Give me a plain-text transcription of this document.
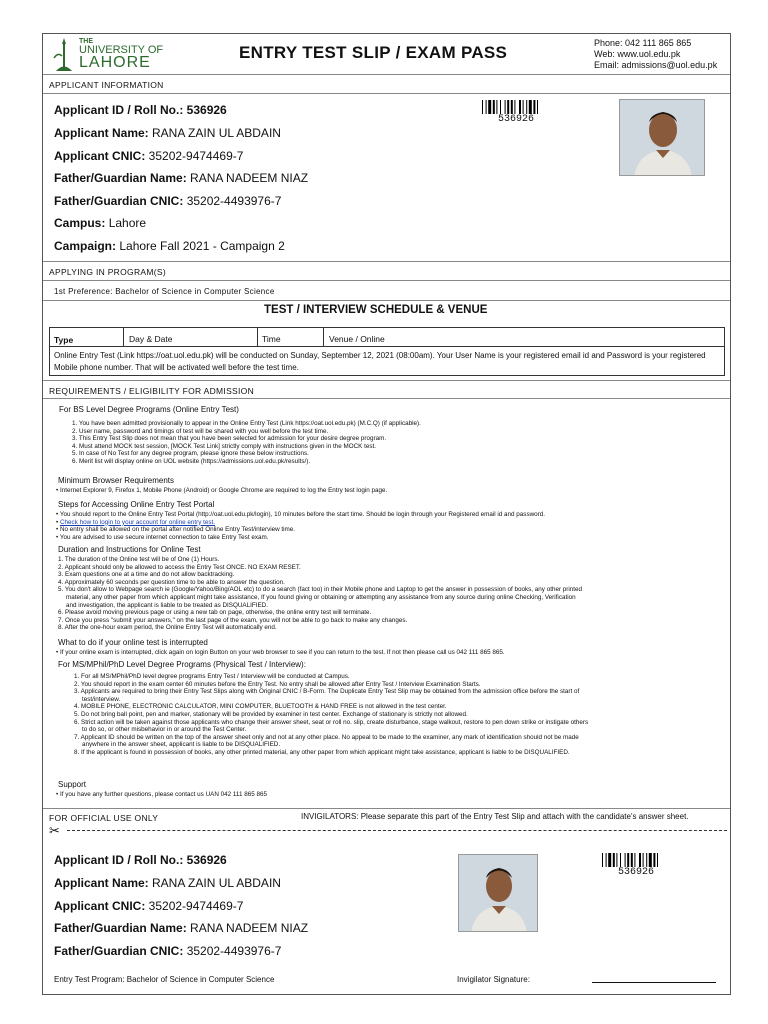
THE
UNIVERSITY OF
LAHORE
ENTRY TEST SLIP / EXAM PASS	Phone: 042 111 865 865
Web: www.uol.edu.pk
Email: admissions@uol.edu.pk
APPLICANT INFORMATION
Applicant ID / Roll No.: 536926
Applicant Name: RANA ZAIN UL ABDAIN
Applicant CNIC: 35202-9474469-7
Father/Guardian Name: RANA NADEEM NIAZ
Father/Guardian CNIC: 35202-4493976-7
Campus: Lahore
Campaign: Lahore Fall 2021 - Campaign 2
536926
APPLYING IN PROGRAM(S)
1st Preference: Bachelor of Science in Computer Science
TEST / INTERVIEW SCHEDULE & VENUE
Type	Day & Date	Time	Venue / Online
Online Entry Test (Link https://oat.uol.edu.pk) will be conducted on Sunday, September 12, 2021 (08:00am). Your User Name is your registered email id and Password is your registered Mobile phone number. That will be activated well before the test time.
REQUIREMENTS / ELIGIBILITY FOR ADMISSION
For BS Level Degree Programs (Online Entry Test)
1. You have been admitted provisionally to appear in the Online Entry Test (Link https://oat.uol.edu.pk) (M.C.Q) (if applicable).
2. User name, password and timings of test will be shared with you well before the test time.
3. This Entry Test Slip does not mean that you have been selected for admission for your desire degree program.
4. Must attend MOCK test session, [MOCK Test Link] strictly comply with instructions given in the MOCK test.
5. In case of No Test for any degree program, please ignore these below instructions.
6. Merit list will display online on UOL website (https://admissions.uol.edu.pk/results/).
Minimum Browser Requirements
• Internet Explorer 9, Firefox 1, Mobile Phone (Android) or Google Chrome are required to log the Entry test login page.
Steps for Accessing Online Entry Test Portal
• You should report to the Online Entry Test Portal (http://oat.uol.edu.pk/login), 10 minutes before the start time. Should be login through your Registered email id and password.
• Check how to login to your account for online entry test.
• No entry shall be allowed on the portal after notified Online Entry Test/interview time.
• You are advised to use secure internet connection to take Entry Test exam.
Duration and Instructions for Online Test
1. The duration of the Online test will be of One (1) Hours.
2. Applicant should only be allowed to access the Entry Test ONCE. NO EXAM RESET.
3. Exam questions one at a time and do not allow backtracking.
4. Approximately 60 seconds per question time to be able to answer the question.
5. You don't allow to Webpage search ie (Google/Yahoo/Bing/AOL etc) to do a search (fact too) in their Mobile phone and Laptop to get the answer in possession of books, any other printed
material, any other paper from which applicant might take assistance, If you found giving or obtaining or attempting any assistance from any source during online Checking, Verification
and investigation, the applicant is liable to be treated as DISQUALIFIED.
6. Please avoid moving previous page or using a new tab on page, otherwise, the online entry test will terminate.
7. Once you press "submit your answers," on the last page of the exam, you will not be able to go back to make any changes.
8. After the one-hour exam period, the Online Entry Test will automatically end.
What to do if your online test is interrupted
• If your online exam is interrupted, click again on login Button on your web browser to see if you can return to the test. If not then please call us 042 111 865 865.
For MS/MPhil/PhD Level Degree Programs (Physical Test / Interview):
1. For all MS/MPhil/PhD level degree programs Entry Test / Interview will be conducted at Campus.
2. You should report in the exam center 60 minutes before the Entry Test. No entry shall be allowed after Entry Test / Interview Examination Starts.
3. Applicants are required to bring their Entry Test Slips along with Original CNIC / B-Form. The Duplicate Entry Test Slip may be obtained from the admission office before the start of
test/interview.
4. MOBILE PHONE, ELECTRONIC CALCULATOR, MINI COMPUTER, BLUETOOTH & HAND FREE is not allowed in the test center.
5. Do not bring ball point, pen and marker, stationary will be provided by examiner in test center. Exchange of stationary is strictly not allowed.
6. Strict action will be taken against those applicants who change their answer sheet, seat or roll no. slip, create disturbance, stage walkout, restore to pen down strike or instigate others
to do so, or other misbehavior in or around the Test Center.
7. Applicant ID should be written on the top of the answer sheet only and not at any other place. No appeal to be made to the examiner, any mark of identification should not be made
anywhere in the answer sheet, applicant is liable to be DISQUALIFIED.
8. If the applicant is found in possession of books, any other printed material, any other paper from which applicant might take assistance, applicant is liable to be DISQUALIFIED.
Support
• If you have any further questions, please contact us UAN 042 111 865 865
FOR OFFICIAL USE ONLY	INVIGILATORS: Please separate this part of the Entry Test Slip and attach with the candidate's answer sheet.
✂
Applicant ID / Roll No.: 536926
Applicant Name: RANA ZAIN UL ABDAIN
Applicant CNIC: 35202-9474469-7
Father/Guardian Name: RANA NADEEM NIAZ
Father/Guardian CNIC: 35202-4493976-7
536926
Entry Test Program: Bachelor of Science in Computer Science	Invigilator Signature:
